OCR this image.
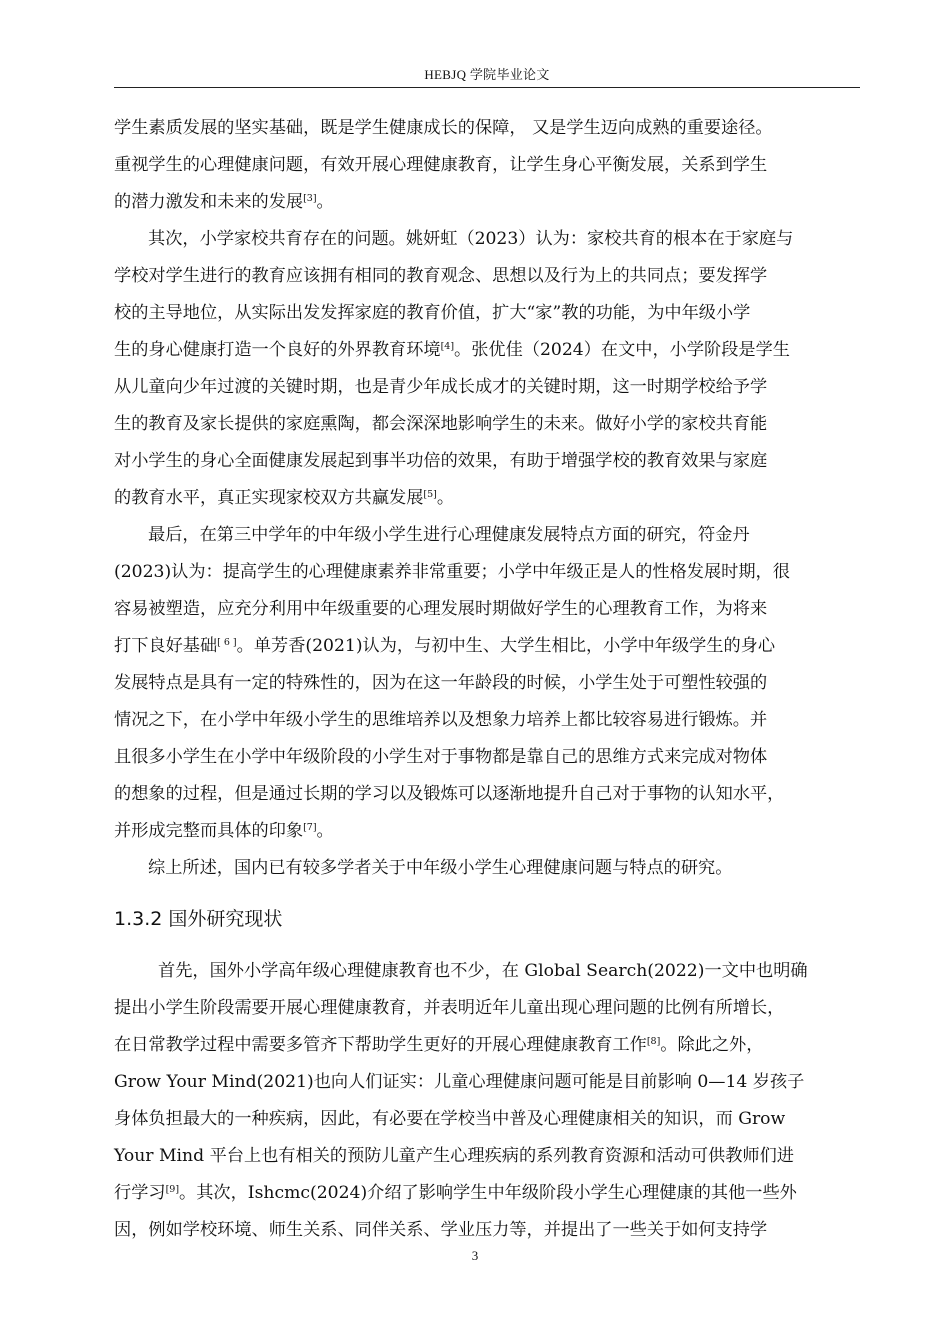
HEBJQ 学院毕业论文
学生素质发展的坚实基础，既是学生健康成长的保障， 又是学生迈向成熟的重要途径。
重视学生的心理健康问题，有效开展心理健康教育，让学生身心平衡发展，关系到学生
的潜力激发和未来的发展[3]。
其次，小学家校共育存在的问题。姚妍虹（2023）认为：家校共育的根本在于家庭与
学校对学生进行的教育应该拥有相同的教育观念、思想以及行为上的共同点；要发挥学
校的主导地位，从实际出发发挥家庭的教育价值，扩大“家”教的功能，为中年级小学
生的身心健康打造一个良好的外界教育环境[4]。张优佳（2024）在文中，小学阶段是学生
从儿童向少年过渡的关键时期，也是青少年成长成才的关键时期，这一时期学校给予学
生的教育及家长提供的家庭熏陶，都会深深地影响学生的未来。做好小学的家校共育能
对小学生的身心全面健康发展起到事半功倍的效果，有助于增强学校的教育效果与家庭
的教育水平，真正实现家校双方共赢发展[5]。
最后，在第三中学年的中年级小学生进行心理健康发展特点方面的研究，符金丹
(2023)认为：提高学生的心理健康素养非常重要；小学中年级正是人的性格发展时期，很
容易被塑造，应充分利用中年级重要的心理发展时期做好学生的心理教育工作，为将来
打下良好基础[ 6 ]。单芳香(2021)认为，与初中生、大学生相比，小学中年级学生的身心
发展特点是具有一定的特殊性的，因为在这一年龄段的时候，小学生处于可塑性较强的
情况之下，在小学中年级小学生的思维培养以及想象力培养上都比较容易进行锻炼。并
且很多小学生在小学中年级阶段的小学生对于事物都是靠自己的思维方式来完成对物体
的想象的过程，但是通过长期的学习以及锻炼可以逐渐地提升自己对于事物的认知水平，
并形成完整而具体的印象[7]。
综上所述，国内已有较多学者关于中年级小学生心理健康问题与特点的研究。
1.3.2 国外研究现状
首先，国外小学高年级心理健康教育也不少，在 Global Search(2022)一文中也明确
提出小学生阶段需要开展心理健康教育，并表明近年儿童出现心理问题的比例有所增长，
在日常教学过程中需要多管齐下帮助学生更好的开展心理健康教育工作[8]。除此之外，
Grow Your Mind(2021)也向人们证实：儿童心理健康问题可能是目前影响 0—14 岁孩子
身体负担最大的一种疾病，因此，有必要在学校当中普及心理健康相关的知识，而 Grow
Your Mind 平台上也有相关的预防儿童产生心理疾病的系列教育资源和活动可供教师们进
行学习[9]。其次，Ishcmc(2024)介绍了影响学生中年级阶段小学生心理健康的其他一些外
因，例如学校环境、师生关系、同伴关系、学业压力等，并提出了一些关于如何支持学
3
